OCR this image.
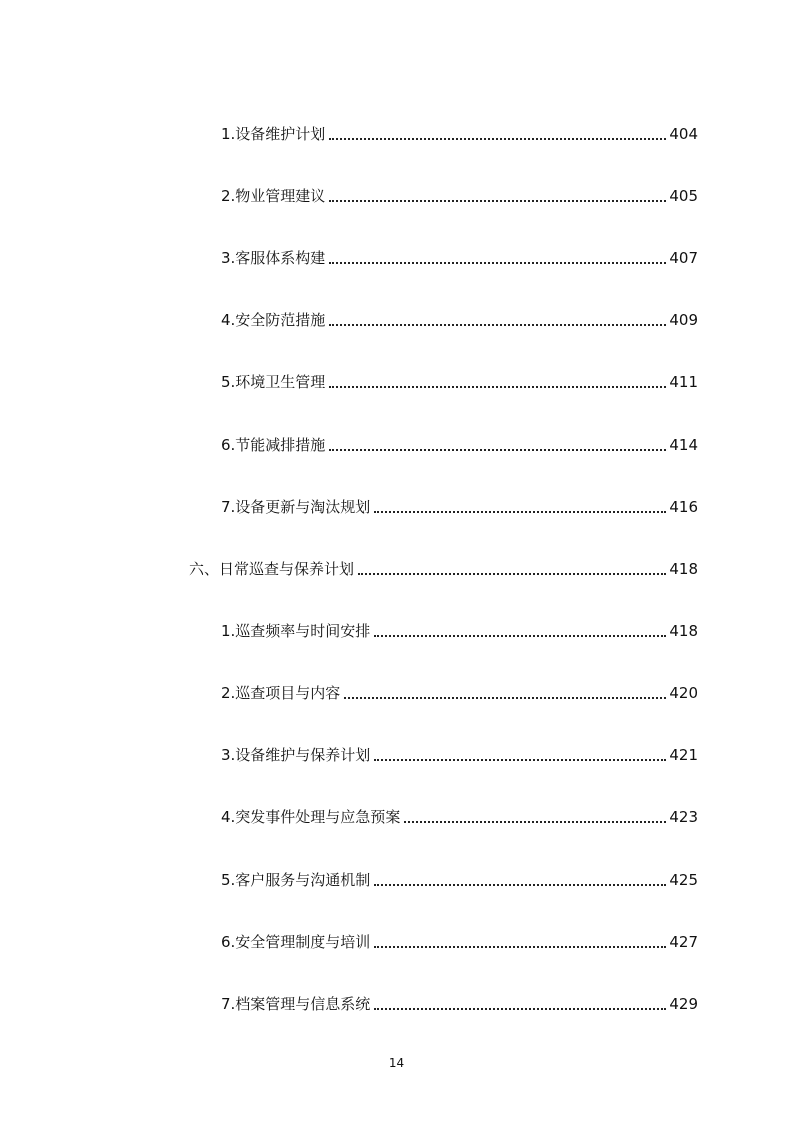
1.设备维护计划	404
2.物业管理建议	405
3.客服体系构建	407
4.安全防范措施	409
5.环境卫生管理	411
6.节能减排措施	414
7.设备更新与淘汰规划	416
六、日常巡查与保养计划	418
1.巡查频率与时间安排	418
2.巡查项目与内容	420
3.设备维护与保养计划	421
4.突发事件处理与应急预案	423
5.客户服务与沟通机制	425
6.安全管理制度与培训	427
7.档案管理与信息系统	429
14
